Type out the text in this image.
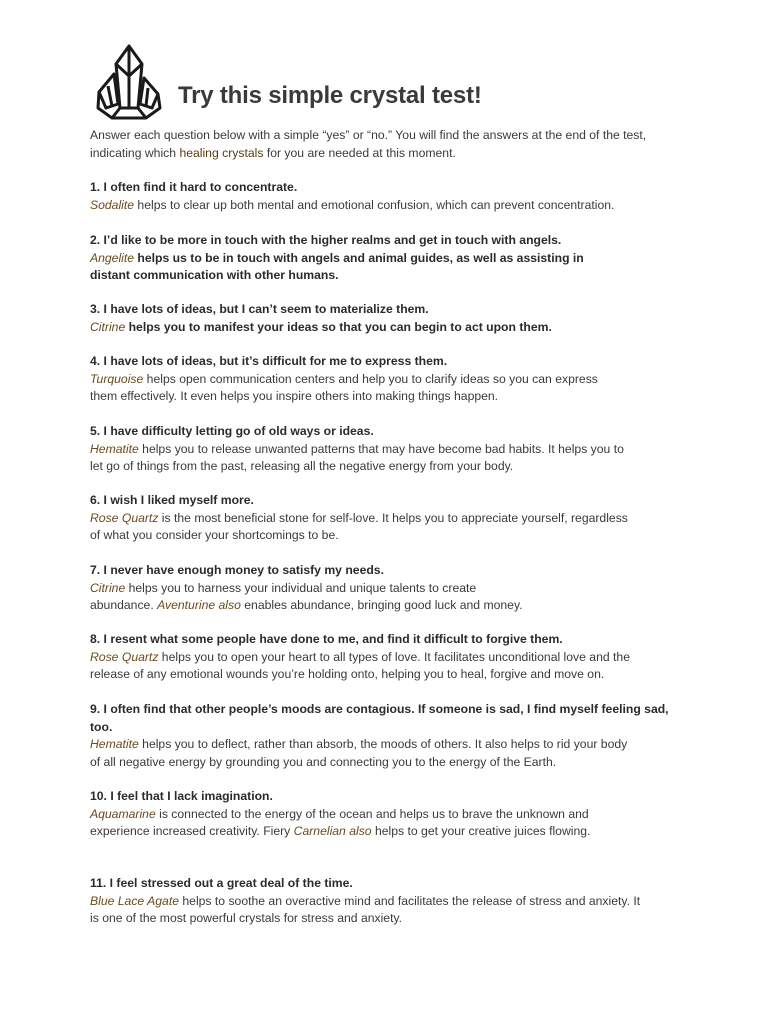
Try this simple crystal test!
Answer each question below with a simple “yes” or “no.” You will find the answers at the end of the test, indicating which healing crystals for you are needed at this moment.
1. I often find it hard to concentrate.
Sodalite helps to clear up both mental and emotional confusion, which can prevent concentration.
2. I’d like to be more in touch with the higher realms and get in touch with angels.
Angelite helps us to be in touch with angels and animal guides, as well as assisting in
distant communication with other humans.
3. I have lots of ideas, but I can’t seem to materialize them.
Citrine helps you to manifest your ideas so that you can begin to act upon them.
4. I have lots of ideas, but it’s difficult for me to express them.
Turquoise helps open communication centers and help you to clarify ideas so you can express
them effectively. It even helps you inspire others into making things happen.
5. I have difficulty letting go of old ways or ideas.
Hematite helps you to release unwanted patterns that may have become bad habits. It helps you to
let go of things from the past, releasing all the negative energy from your body.
6. I wish I liked myself more.
Rose Quartz is the most beneficial stone for self-love. It helps you to appreciate yourself, regardless
of what you consider your shortcomings to be.
7. I never have enough money to satisfy my needs.
Citrine helps you to harness your individual and unique talents to create
abundance. Aventurine also enables abundance, bringing good luck and money.
8. I resent what some people have done to me, and find it difficult to forgive them.
Rose Quartz helps you to open your heart to all types of love. It facilitates unconditional love and the
release of any emotional wounds you’re holding onto, helping you to heal, forgive and move on.
9. I often find that other people’s moods are contagious. If someone is sad, I find myself feeling sad,
too.
Hematite helps you to deflect, rather than absorb, the moods of others. It also helps to rid your body
of all negative energy by grounding you and connecting you to the energy of the Earth.
10. I feel that I lack imagination.
Aquamarine is connected to the energy of the ocean and helps us to brave the unknown and
experience increased creativity. Fiery Carnelian also helps to get your creative juices flowing.
11. I feel stressed out a great deal of the time.
Blue Lace Agate helps to soothe an overactive mind and facilitates the release of stress and anxiety. It
is one of the most powerful crystals for stress and anxiety.
